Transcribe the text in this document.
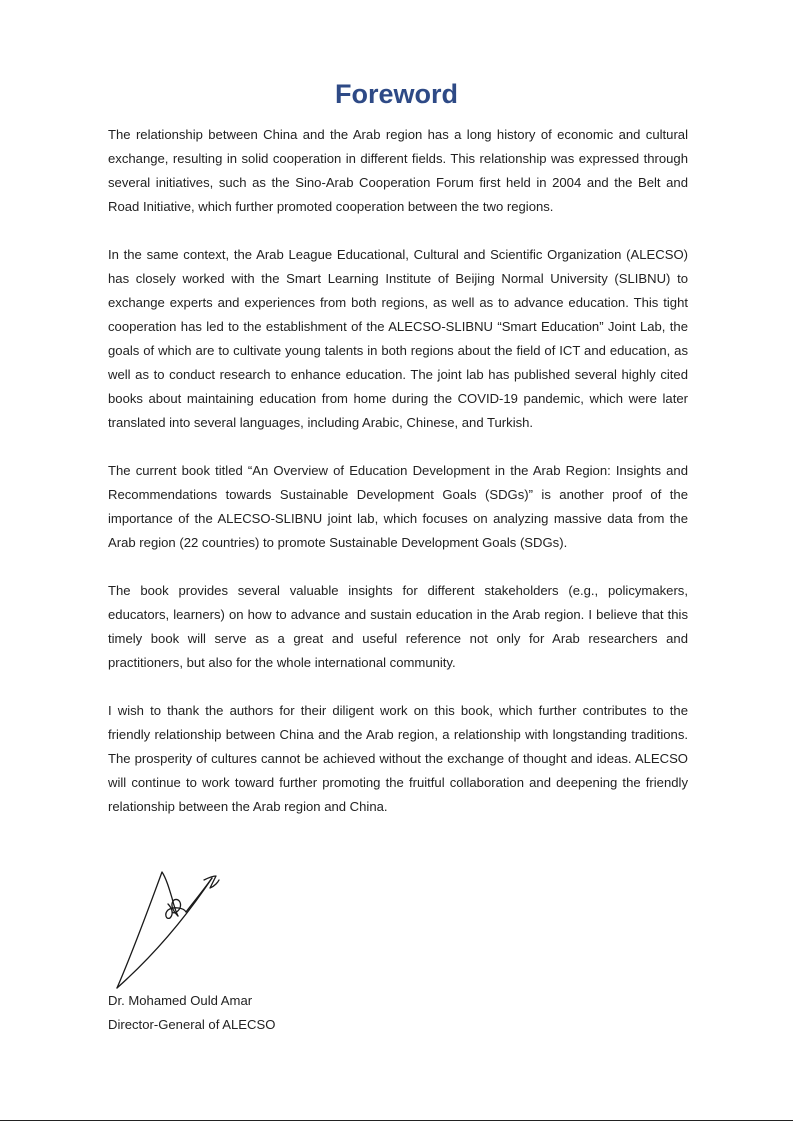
Foreword

The relationship between China and the Arab region has a long history of economic and cultural exchange, resulting in solid cooperation in different fields. This relationship was expressed through several initiatives, such as the Sino-Arab Cooperation Forum first held in 2004 and the Belt and Road Initiative, which further promoted cooperation between the two regions.

In the same context, the Arab League Educational, Cultural and Scientific Organization (ALECSO) has closely worked with the Smart Learning Institute of Beijing Normal University (SLIBNU) to exchange experts and experiences from both regions, as well as to advance education. This tight cooperation has led to the establishment of the ALECSO-SLIBNU “Smart Education” Joint Lab, the goals of which are to cultivate young talents in both regions about the field of ICT and education, as well as to conduct research to enhance education. The joint lab has published several highly cited books about maintaining education from home during the COVID-19 pandemic, which were later translated into several languages, including Arabic, Chinese, and Turkish.

The current book titled “An Overview of Education Development in the Arab Region: Insights and Recommendations towards Sustainable Development Goals (SDGs)” is another proof of the importance of the ALECSO-SLIBNU joint lab, which focuses on analyzing massive data from the Arab region (22 countries) to promote Sustainable Development Goals (SDGs).

The book provides several valuable insights for different stakeholders (e.g., policymakers, educators, learners) on how to advance and sustain education in the Arab region. I believe that this timely book will serve as a great and useful reference not only for Arab researchers and practitioners, but also for the whole international community.

I wish to thank the authors for their diligent work on this book, which further contributes to the friendly relationship between China and the Arab region, a relationship with longstanding traditions. The prosperity of cultures cannot be achieved without the exchange of thought and ideas. ALECSO will continue to work toward further promoting the fruitful collaboration and deepening the friendly relationship between the Arab region and China.

Dr. Mohamed Ould Amar

Director-General of ALECSO
